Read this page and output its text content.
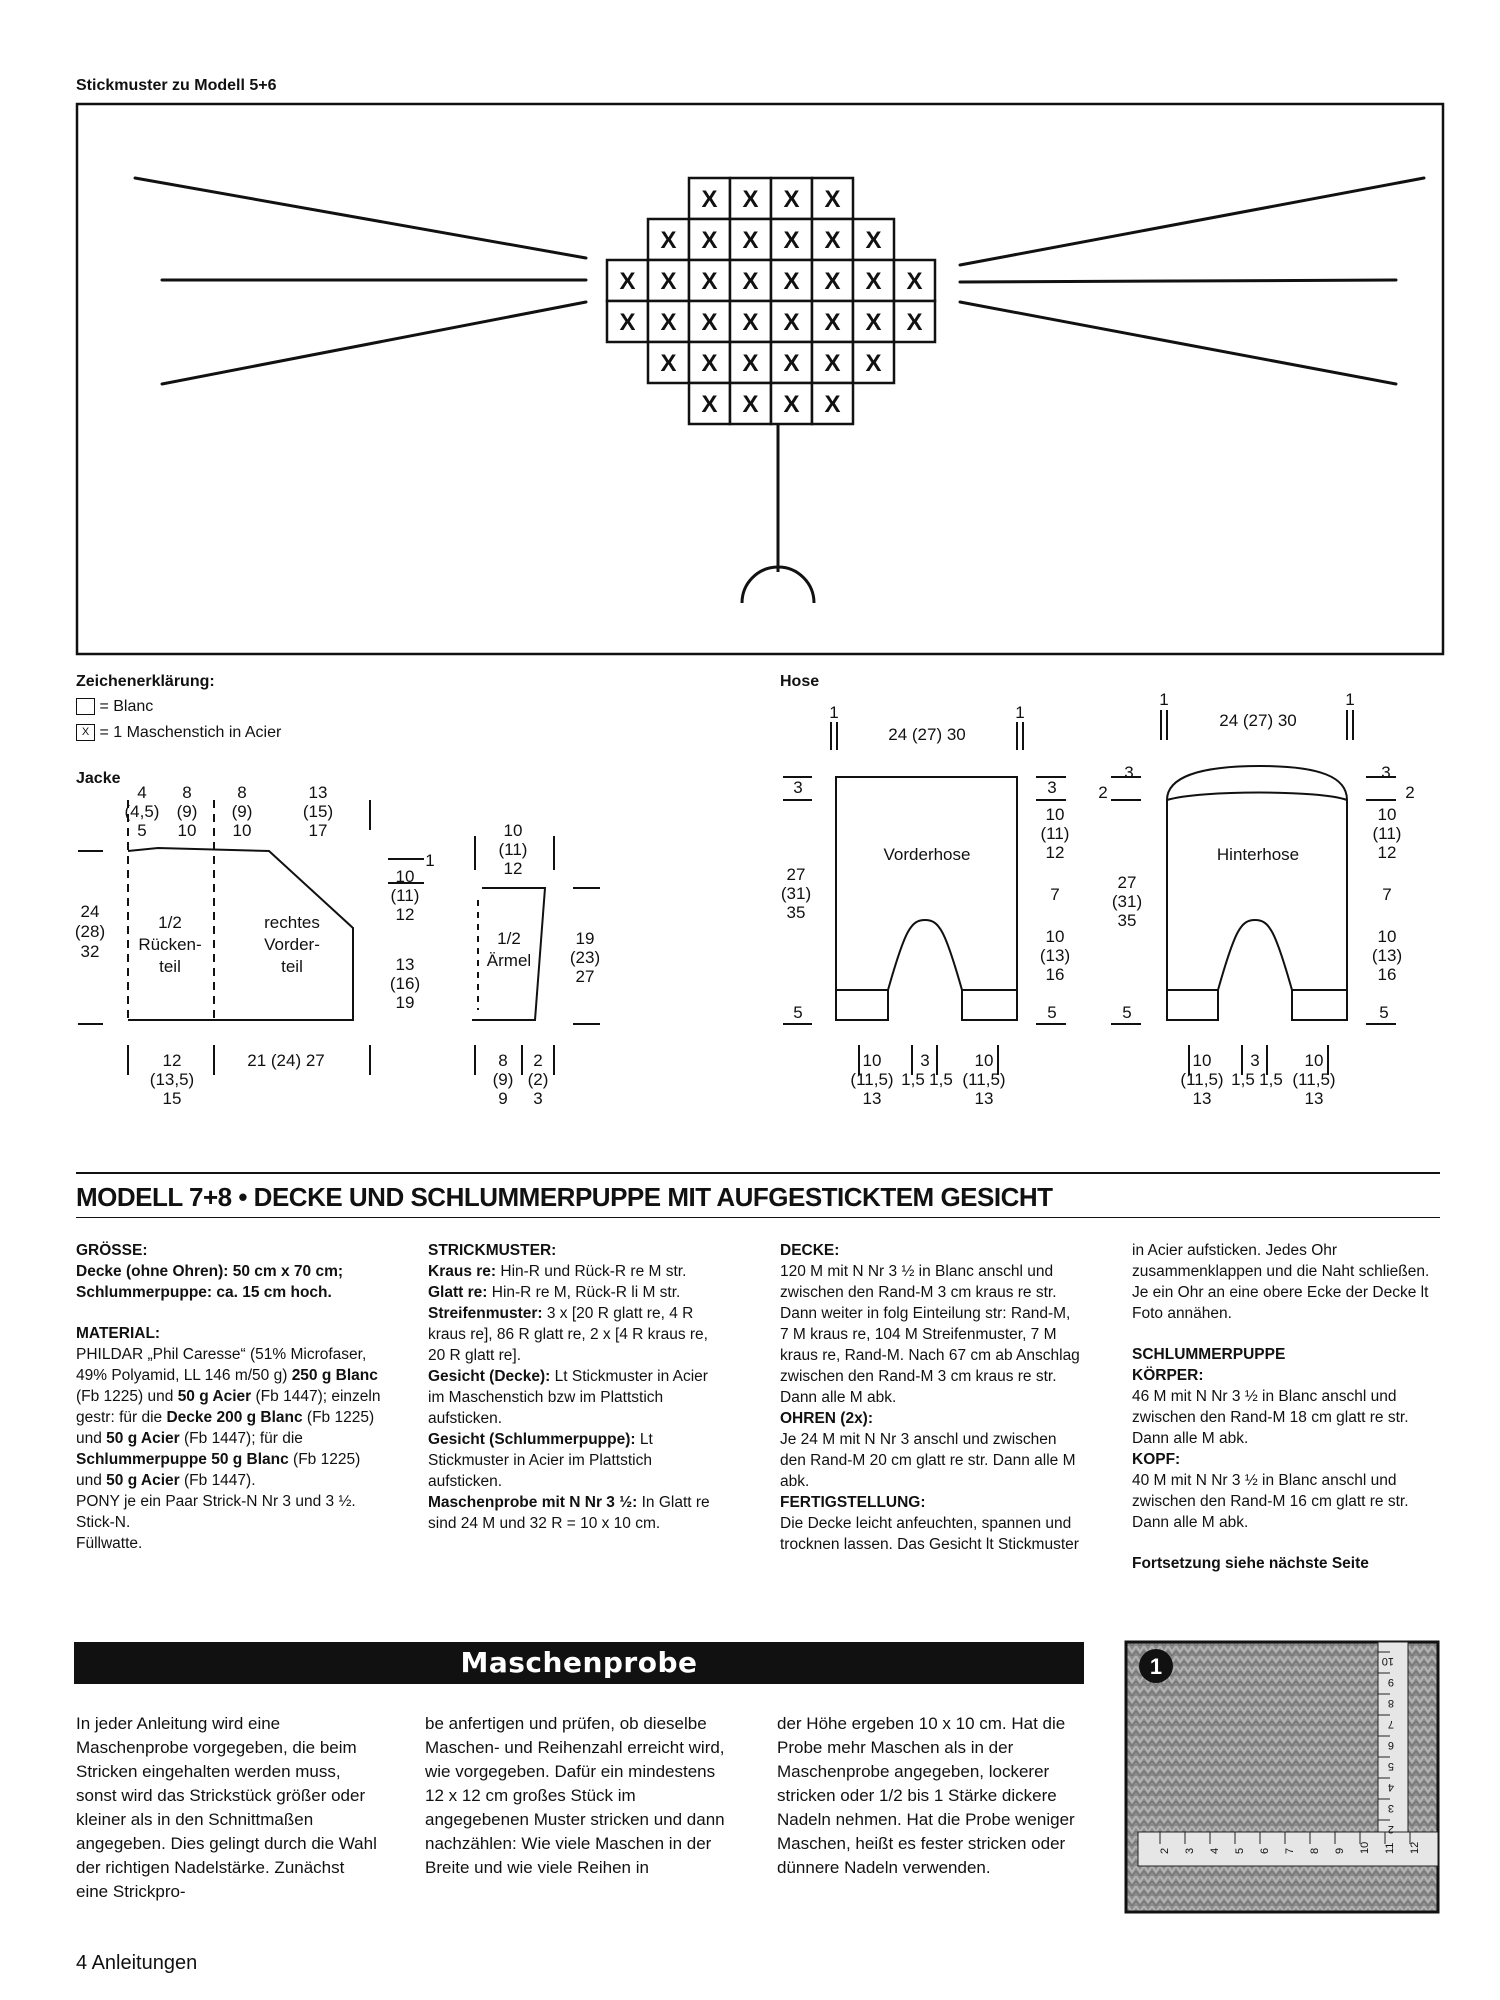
Stickmuster zu Modell 5+6
X X X X
X X X X X X
X X X X X X X X
X X X X X X X X
X X X X X X
X X X X
4
(4,5)
5
8
(9)
10
8
(9)
10
13
(15)
17
24
(28)
32
1/2
Rücken-
teil
rechtes
Vorder-
teil
1
10
(11)
12
13
(16)
19
12
(13,5)
15
21 (24) 27
10
(11)
12
1/2
Ärmel
19
(23)
27
8
(9)
9
2
(2)
3
1	1
24 (27) 30
3	3
27
(31)
35
10
(11)
12
7
10
(13)
16
5	5
Vorderhose
10
(11,5)
13
3
1,5 1,5
10
(11,5)
13
1	1
24 (27) 30
3
2
3
2
27
(31)
35
10
(11)
12
7
10
(13)
16
5	5
Hinterhose
10
(11,5)
13
3
1,5 1,5
10
(11,5)
13
Zeichenerklärung:
= Blanc
X = 1 Maschenstich in Acier
Jacke
Hose
MODELL 7+8 • DECKE UND SCHLUMMERPUPPE MIT AUFGESTICKTEM GESICHT

GRÖSSE:
Decke (ohne Ohren): 50 cm x 70 cm; Schlummerpuppe: ca. 15 cm hoch.

MATERIAL:
PHILDAR „Phil Caresse“ (51% Microfaser, 49% Polyamid, LL 146 m/50 g) 250 g Blanc (Fb 1225) und 50 g Acier (Fb 1447); einzeln gestr: für die Decke 200 g Blanc (Fb 1225) und 50 g Acier (Fb 1447); für die Schlummerpuppe 50 g Blanc (Fb 1225) und 50 g Acier (Fb 1447).
PONY je ein Paar Strick-N Nr 3 und 3 ½.
Stick-N.
Füllwatte.

STRICKMUSTER:
Kraus re: Hin-R und Rück-R re M str.
Glatt re: Hin-R re M, Rück-R li M str.
Streifenmuster: 3 x [20 R glatt re, 4 R kraus re], 86 R glatt re, 2 x [4 R kraus re, 20 R glatt re].
Gesicht (Decke): Lt Stickmuster in Acier im Maschenstich bzw im Plattstich aufsticken.
Gesicht (Schlummerpuppe): Lt Stickmuster in Acier im Plattstich aufsticken.
Maschenprobe mit N Nr 3 ½: In Glatt re sind 24 M und 32 R = 10 x 10 cm.
DECKE:
120 M mit N Nr 3 ½ in Blanc anschl und zwischen den Rand-M 3 cm kraus re str. Dann weiter in folg Einteilung str: Rand-M, 7 M kraus re, 104 M Streifenmuster, 7 M kraus re, Rand-M. Nach 67 cm ab Anschlag zwischen den Rand-M 3 cm kraus re str. Dann alle M abk.
OHREN (2x):
Je 24 M mit N Nr 3 anschl und zwischen den Rand-M 20 cm glatt re str. Dann alle M abk.
FERTIGSTELLUNG:
Die Decke leicht anfeuchten, spannen und trocknen lassen. Das Gesicht lt Stickmuster

in Acier aufsticken. Jedes Ohr zusammenklappen und die Naht schließen. Je ein Ohr an eine obere Ecke der Decke lt Foto annähen.

SCHLUMMERPUPPE
KÖRPER:
46 M mit N Nr 3 ½ in Blanc anschl und zwischen den Rand-M 18 cm glatt re str. Dann alle M abk.
KOPF:
40 M mit N Nr 3 ½ in Blanc anschl und zwischen den Rand-M 16 cm glatt re str. Dann alle M abk.

Fortsetzung siehe nächste Seite

Maschenprobe
In jeder Anleitung wird eine Maschenprobe vorgegeben, die beim Stricken eingehalten werden muss, sonst wird das Strickstück größer oder kleiner als in den Schnittmaßen angegeben. Dies gelingt durch die Wahl der richtigen Nadelstärke. Zunächst eine Strickpro-
be anfertigen und prüfen, ob dieselbe Maschen- und Reihenzahl erreicht wird, wie vorgegeben. Dafür ein mindestens 12 x 12 cm großes Stück im angegebenen Muster stricken und dann nachzählen: Wie viele Maschen in der Breite und wie viele Reihen in
der Höhe ergeben 10 x 10 cm. Hat die Probe mehr Maschen als in der Maschenprobe angegeben, lockerer stricken oder 1/2 bis 1 Stärke dickere Nadeln nehmen. Hat die Probe weniger Maschen, heißt es fester stricken oder dünnere Nadeln verwenden.
1
2 3 4 5 6 7 8 9 10 11 12
10
9
8
7
6
5
4
3
2
4 Anleitungen
